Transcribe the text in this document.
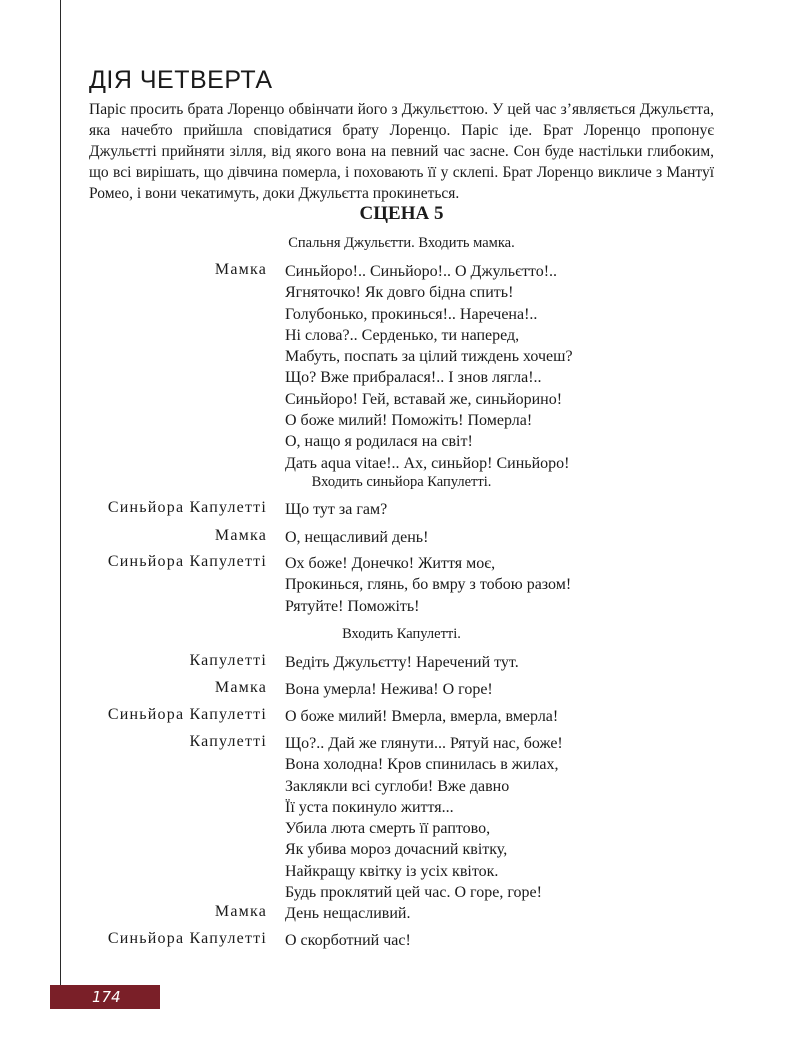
ДІЯ ЧЕТВЕРТА

Паріс просить брата Лоренцо обвінчати його з Джульєттою. У цей час з’являється Джульєтта, яка начебто прийшла сповідатися брату Лоренцо. Паріс іде. Брат Лоренцо пропонує Джульєтті прийняти зілля, від якого вона на певний час засне. Сон буде настільки глибоким, що всі вирішать, що дівчина померла, і поховають її у склепі. Брат Лоренцо викличе з Мантуї Ромео, і вони чекатимуть, доки Джульєтта прокинеться.

СЦЕНА 5

Спальня Джульєтти. Входить мамка.

Мамка Синьйоро!.. Синьйоро!.. О Джульєтто!..
Ягняточко! Як довго бідна спить!
Голубонько, прокинься!.. Наречена!..
Ні слова?.. Серденько, ти наперед,
Мабуть, поспать за цілий тиждень хочеш?
Що? Вже прибралася!.. І знов лягла!..
Синьйоро! Гей, вставай же, синьйорино!
О боже милий! Поможіть! Померла!
О, нащо я родилася на світ!
Дать aqua vitae!.. Ах, синьйор! Синьйоро!

Входить синьйора Капулетті.

Синьйора Капулетті Що тут за гам?
Мамка О, нещасливий день!
Синьйора Капулетті Ох боже! Донечко! Життя моє,
Прокинься, глянь, бо вмру з тобою разом!
Рятуйте! Поможіть!

Входить Капулетті.

Капулетті Ведіть Джульєтту! Наречений тут.
Мамка Вона умерла! Нежива! О горе!
Синьйора Капулетті О боже милий! Вмерла, вмерла, вмерла!
Капулетті Що?.. Дай же глянути... Рятуй нас, боже!
Вона холодна! Кров спинилась в жилах,
Заклякли всі суглоби! Вже давно
Її уста покинуло життя...
Убила люта смерть її раптово,
Як убива мороз дочасний квітку,
Найкращу квітку із усіх квіток.
Будь проклятий цей час. О горе, горе!
Мамка День нещасливий.
Синьйора Капулетті О скорботний час!
174
